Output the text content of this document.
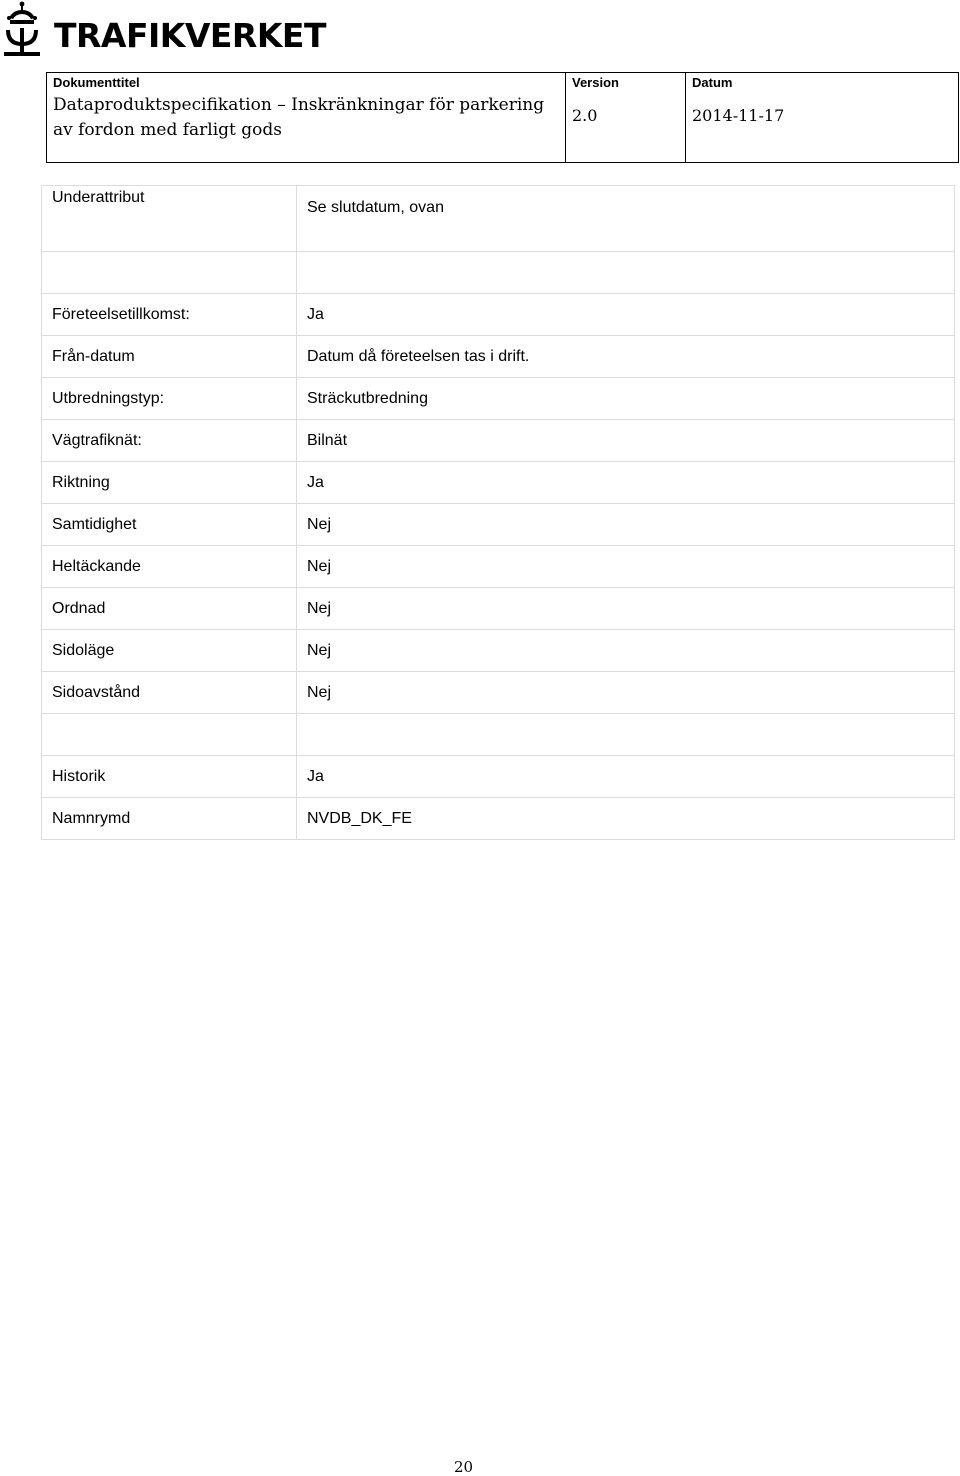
TRAFIKVERKET
Dokumenttitel
Dataproduktspecifikation – Inskränkningar för parkering av fordon med farligt gods
Version
2.0
Datum
2014-11-17
Underattribut	Se slutdatum, ovan

Företeelsetillkomst:	Ja
Från-datum	Datum då företeelsen tas i drift.
Utbredningstyp:	Sträckutbredning
Vägtrafiknät:	Bilnät
Riktning	Ja
Samtidighet	Nej
Heltäckande	Nej
Ordnad	Nej
Sidoläge	Nej
Sidoavstånd	Nej

Historik	Ja
Namnrymd	NVDB_DK_FE
20
